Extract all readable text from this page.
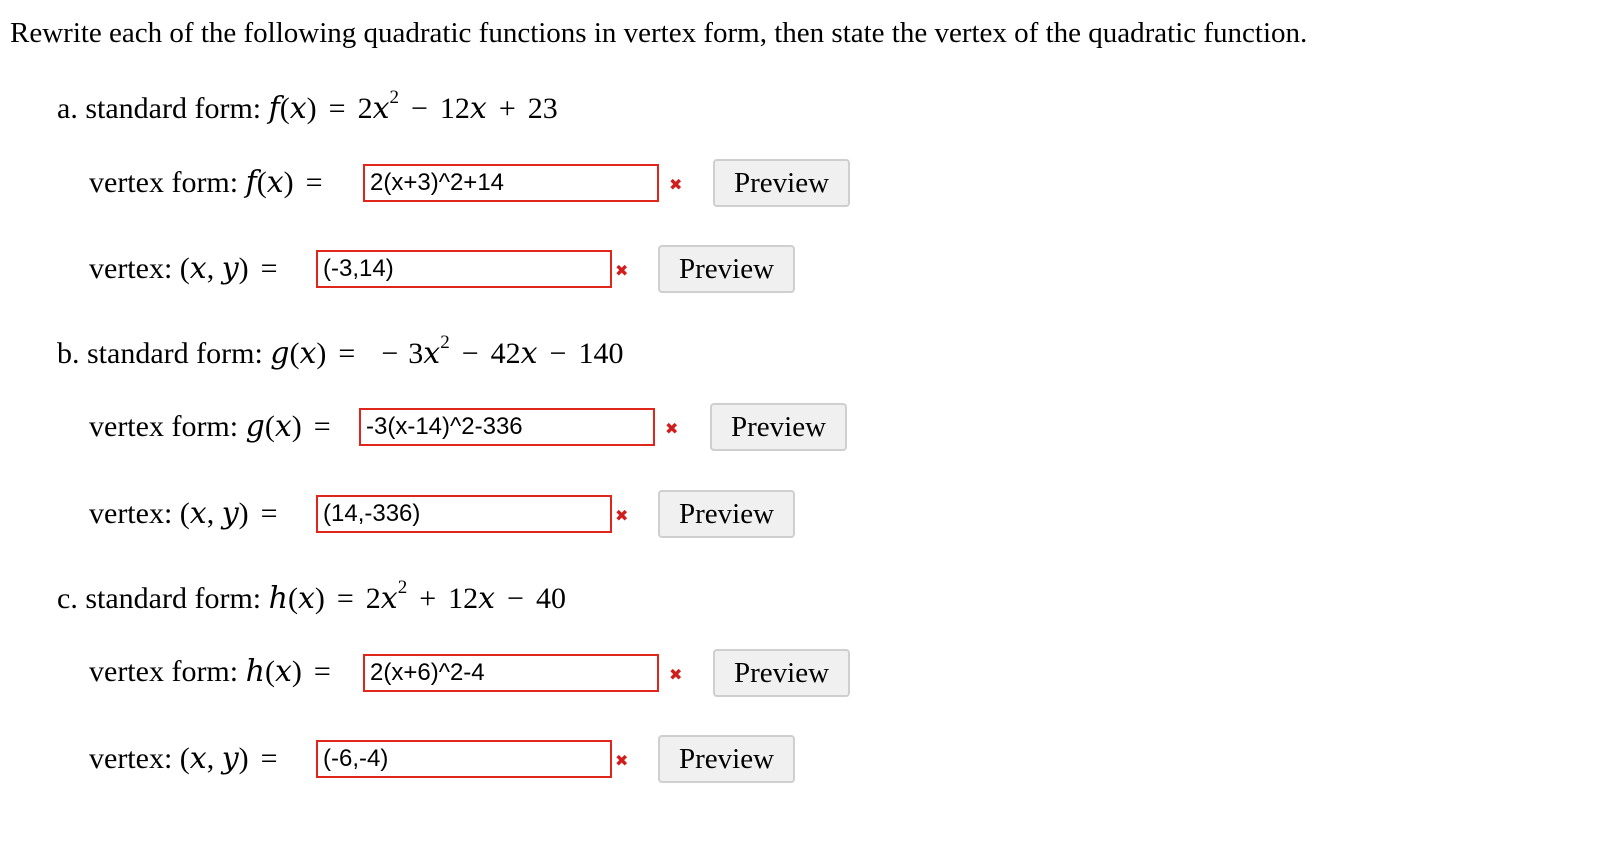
Rewrite each of the following quadratic functions in vertex form, then state the vertex of the quadratic function.
a. standard form: $f(x) = 2x^2 - 12x + 23$
vertex form: f(x) =	2(x+3)^2+14	✖	Preview
vertex: (x, y) =	(-3,14)	✖	Preview
b. standard form: g(x) = − $3x^2 - 42x - 140$
vertex form: g(x) =	-3(x-14)^2-336	✖	Preview
vertex: (x, y) =	(14,-336)	✖	Preview
c. standard form: $h(x) = 2x^2 + 12x - 40$
vertex form: h(x) =	2(x+6)^2-4	✖	Preview
vertex: (x, y) =	(-6,-4)	✖	Preview
